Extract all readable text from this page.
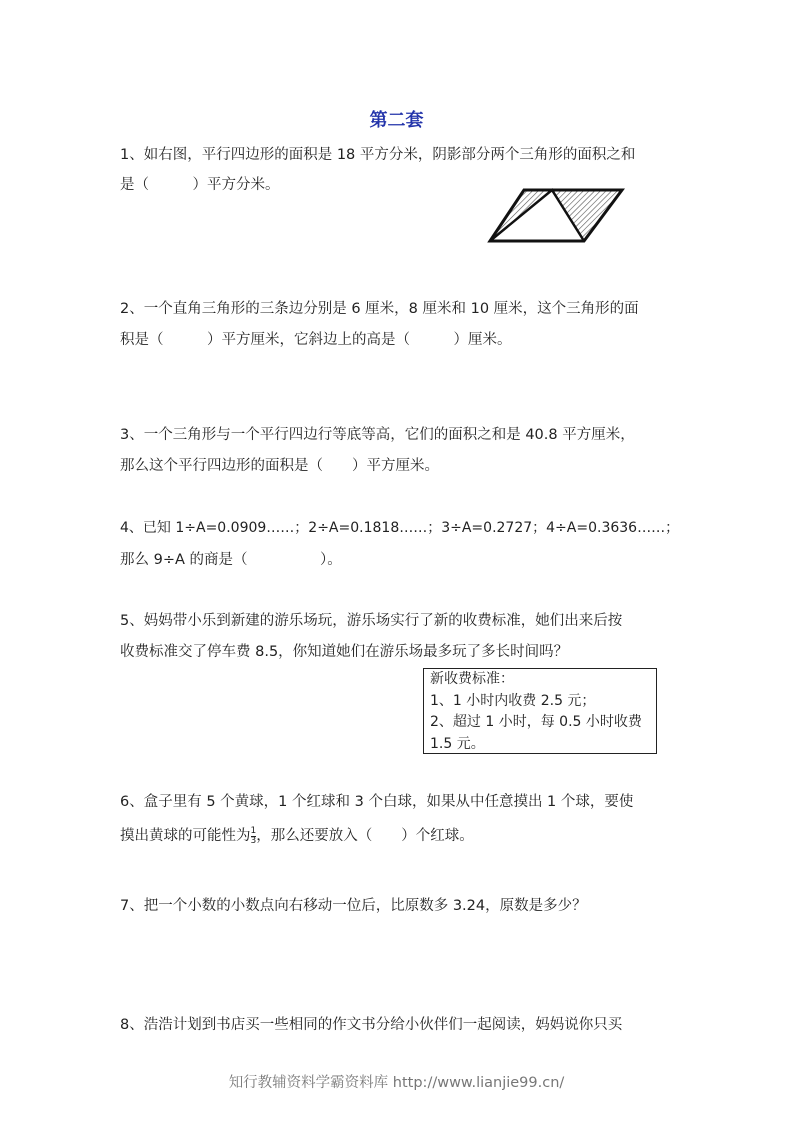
第二套
1、如右图，平行四边形的面积是 18 平方分米，阴影部分两个三角形的面积之和
是（　　　）平方分米。
2、一个直角三角形的三条边分别是 6 厘米，8 厘米和 10 厘米，这个三角形的面
积是（　　　）平方厘米，它斜边上的高是（　　　）厘米。
3、一个三角形与一个平行四边行等底等高，它们的面积之和是 40.8 平方厘米，
那么这个平行四边形的面积是（　　）平方厘米。
4、已知 1÷A=0.0909……；2÷A=0.1818……；3÷A=0.2727；4÷A=0.3636……；
那么 9÷A 的商是（　　　　　）。
5、妈妈带小乐到新建的游乐场玩，游乐场实行了新的收费标准，她们出来后按
收费标准交了停车费 8.5，你知道她们在游乐场最多玩了多长时间吗？
新收费标准：
1、1 小时内收费 2.5 元；
2、超过 1 小时，每 0.5 小时收费
1.5 元。
6、盒子里有 5 个黄球，1 个红球和 3 个白球，如果从中任意摸出 1 个球，要使
摸出黄球的可能性为 $\frac{1}{3}$ ，那么还要放入（　　）个红球。
7、把一个小数的小数点向右移动一位后，比原数多 3.24，原数是多少？
8、浩浩计划到书店买一些相同的作文书分给小伙伴们一起阅读，妈妈说你只买
知行教辅资料学霸资料库 http://www.lianjie99.cn/
